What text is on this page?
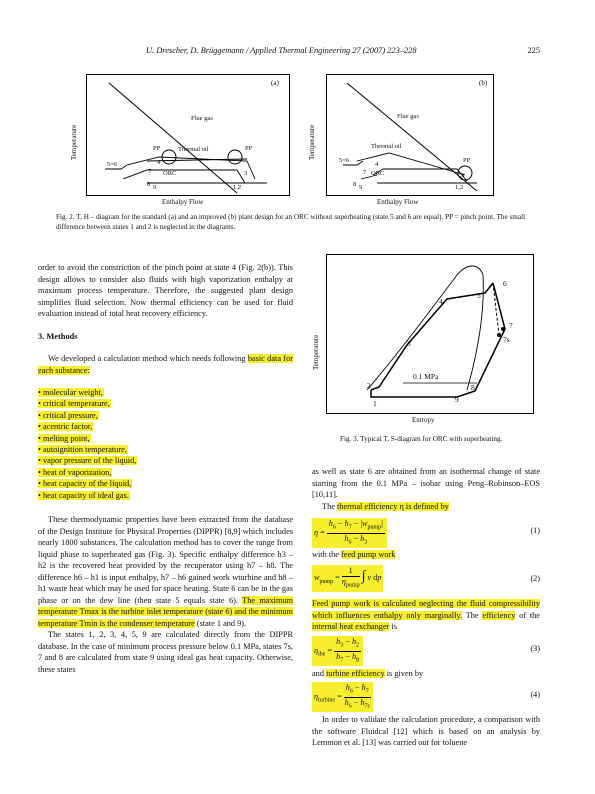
U. Drescher, D. Brüggemann / Applied Thermal Engineering 27 (2007) 223–228	225
(a)
Flue gas
PP	Thermal oil	PP
5=6	4
7 ORC	3
8 9	1,2
Temperature
Enthalpy Flow
(b)
Flue gas
Thermal oil
PP
5=6
4
7 ORC	3
8 9	1,2
Temperature
Enthalpy Flow
Fig. 2. T, H – diagram for the standard (a) and an improved (b) plant design for an ORC without superheating (state 5 and 6 are equal). PP = pinch point. The small difference between states 1 and 2 is neglected in the diagrams.
0.1 MPa
1
2
3
4
5
6
7
7s
8
9
Temperature
Entropy
Fig. 3. Typical T, S-diagram for ORC with superheating.

order to avoid the constriction of the pinch point at state 4 (Fig. 2(b)). This design allows to consider also fluids with high vaporization enthalpy at maximum process temperature. Therefore, the suggested plant design simplifies fluid selection. Now thermal efficiency can be used for fluid evaluation instead of total heat recovery efficiency.

3. Methods

We developed a calculation method which needs following basic data for each substance:

• molecular weight,
• critical temperature,
• critical pressure,
• acentric factor,
• melting point,
• autoignition temperature,
• vapor pressure of the liquid,
• heat of vaporization,
• heat capacity of the liquid,
• heat capacity of ideal gas.

These thermodynamic properties have been extracted from the database of the Design Institute for Physical Properties (DIPPR) [8,9] which includes nearly 1800 substances. The calculation method has to cover the range from liquid phase to superheated gas (Fig. 3). Specific enthalpy difference h3 – h2 is the recovered heat provided by the recuperator using h7 – h8. The difference h6 – h1 is input enthalpy, h7 – h6 gained work wturbine and h8 – h1 waste heat which may be used for space heating. State 6 can be in the gas phase or on the dew line (then state 5 equals state 6). The maximum temperature Tmax is the turbine inlet temperature (state 6) and the minimum temperature Tmin is the condenser temperature (state 1 and 9).

The states 1, 2, 3, 4, 5, 9 are calculated directly from the DIPPR database. In the case of minimum process pressure below 0.1 MPa, states 7s, 7 and 8 are calculated from state 9 using ideal gas heat capacity. Otherwise, these states

as well as state 6 are obtained from an isothermal change of state starting from the 0.1 MPa – isobar using Peng–Robinson–EOS [10,11].

The thermal efficiency η is defined by

$\eta = \frac{h_6 - h_7 - |w_{pump}|}{h_6 - h_3}$	(1)
with the feed pump work
$w_{pump} = \frac{1}{\eta_{pump}}$ ∫ v dp	(2)
Feed pump work is calculated neglecting the fluid compressibility which influences enthalpy only marginally. The efficiency of the internal heat exchanger is
$\eta_{ihe} = \frac{h_3 - h_2}{h_7 - h_8}$	(3)
and turbine efficiency is given by
$\eta_{turbine} = \frac{h_6 - h_7}{h_6 - h_{7s}}$	(4)
In order to validate the calculation procedure, a comparison with the software Fluidcal [12] which is based on an analysis by Lemmon et al. [13] was carried out for toluene
